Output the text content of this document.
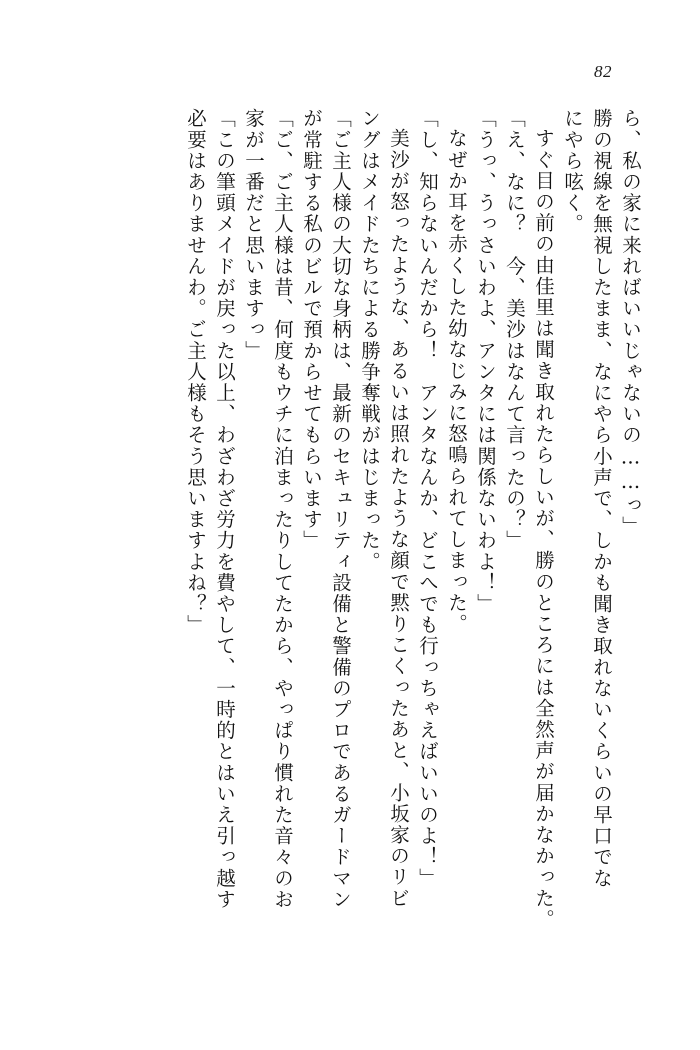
82
ら、私の家に来ればいいじゃないの……っ」
勝の視線を無視したまま、なにやら小声で、しかも聞き取れないくらいの早口でな
にやら呟く。
すぐ目の前の由佳里は聞き取れたらしいが、勝のところには全然声が届かなかった。
「え、なに？　今、美沙はなんて言ったの？」
「うっ、うっさいわよ、アンタには関係ないわよ！」
なぜか耳を赤くした幼なじみに怒鳴られてしまった。
「し、知らないんだから！　アンタなんか、どこへでも行っちゃえばいいのよ！」
美沙が怒ったような、あるいは照れたような顔で黙りこくったあと、小坂家のリビ
ングはメイドたちによる勝争奪戦がはじまった。
「ご主人様の大切な身柄は、最新のセキュリティ設備と警備のプロであるガードマン
が常駐する私のビルで預からせてもらいます」
「ご、ご主人様は昔、何度もウチに泊まったりしてたから、やっぱり慣れた音々のお
家が一番だと思いますっ」
「この筆頭メイドが戻った以上、わざわざ労力を費やして、一時的とはいえ引っ越す
必要はありませんわ。ご主人様もそう思いますよね？」
